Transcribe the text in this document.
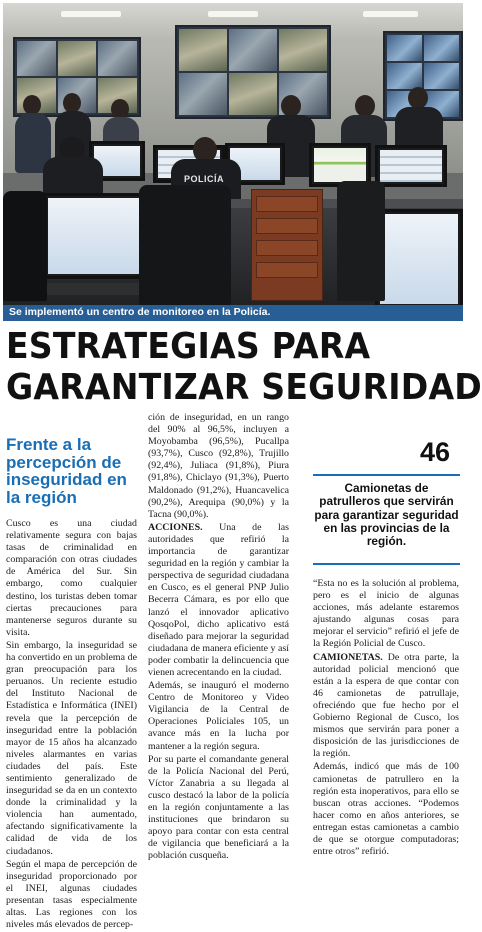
POLICÍA
Se implementó un centro de monitoreo en la Policía.
ESTRATEGIAS PARA
GARANTIZAR SEGURIDAD
Frente a la percepción de inseguridad en la región

Cusco es una ciudad relativamente segura con bajas tasas de criminalidad en comparación con otras ciudades de América del Sur. Sin embargo, como cualquier destino, los turistas deben tomar ciertas precauciones para mantenerse seguros durante su visita.

Sin embargo, la inseguridad se ha convertido en un problema de gran preocupación para los peruanos. Un reciente estudio del Instituto Nacional de Estadística e Informática (INEI) revela que la percepción de inseguridad entre la población mayor de 15 años ha alcanzado niveles alarmantes en varias ciudades del país. Este sentimiento generalizado de inseguridad se da en un contexto donde la criminalidad y la violencia han aumentado, afectando significativamente la calidad de vida de los ciudadanos.

Según el mapa de percepción de inseguridad proporcionado por el INEI, algunas ciudades presentan tasas especialmente altas. Las regiones con los niveles más elevados de percep-

ción de inseguridad, en un rango del 90% al 96,5%, incluyen a Moyobamba (96,5%), Pucallpa (93,7%), Cusco (92,8%), Trujillo (92,4%), Juliaca (91,8%), Piura (91,8%), Chiclayo (91,3%), Puerto Maldonado (91,2%), Huancavelica (90,2%), Arequipa (90,0%) y la Tacna (90,0%).

ACCIONES. Una de las autoridades que refirió la importancia de garantizar seguridad en la región y cambiar la perspectiva de seguridad ciudadana en Cusco, es el general PNP Julio Becerra Cámara, es por ello que lanzó el innovador aplicativo QosqoPol, dicho aplicativo está diseñado para mejorar la seguridad ciudadana de manera eficiente y así poder combatir la delincuencia que vienen acrecentando en la ciudad.

Además, se inauguró el moderno Centro de Monitoreo y Video Vigilancia de la Central de Operaciones Policiales 105, un avance más en la lucha por mantener a la región segura.

Por su parte el comandante general de la Policía Nacional del Perú, Víctor Zanabria a su llegada al cusco destacó la labor de la policía en la región conjuntamente a las instituciones que brindaron su apoyo para contar con esta central de vigilancia que beneficiará a la población cusqueña.

46
Camionetas de patrulleros que servirán para garantizar seguridad en las provincias de la región.

“Esta no es la solución al problema, pero es el inicio de algunas acciones, más adelante estaremos ajustando algunas cosas para mejorar el servicio” refirió el jefe de la Región Policial de Cusco.

CAMIONETAS. De otra parte, la autoridad policial mencionó que están a la espera de que contar con 46 camionetas de patrullaje, ofreciéndo que fue hecho por el Gobierno Regional de Cusco, los mismos que servirán para poner a disposición de las jurisdicciones de la región.

Además, indicó que más de 100 camionetas de patrullero en la región esta inoperativos, para ello se buscan otras acciones. “Podemos hacer como en años anteriores, se entregan estas camionetas a cambio de que se otorgue computadoras; entre otros” refirió.
